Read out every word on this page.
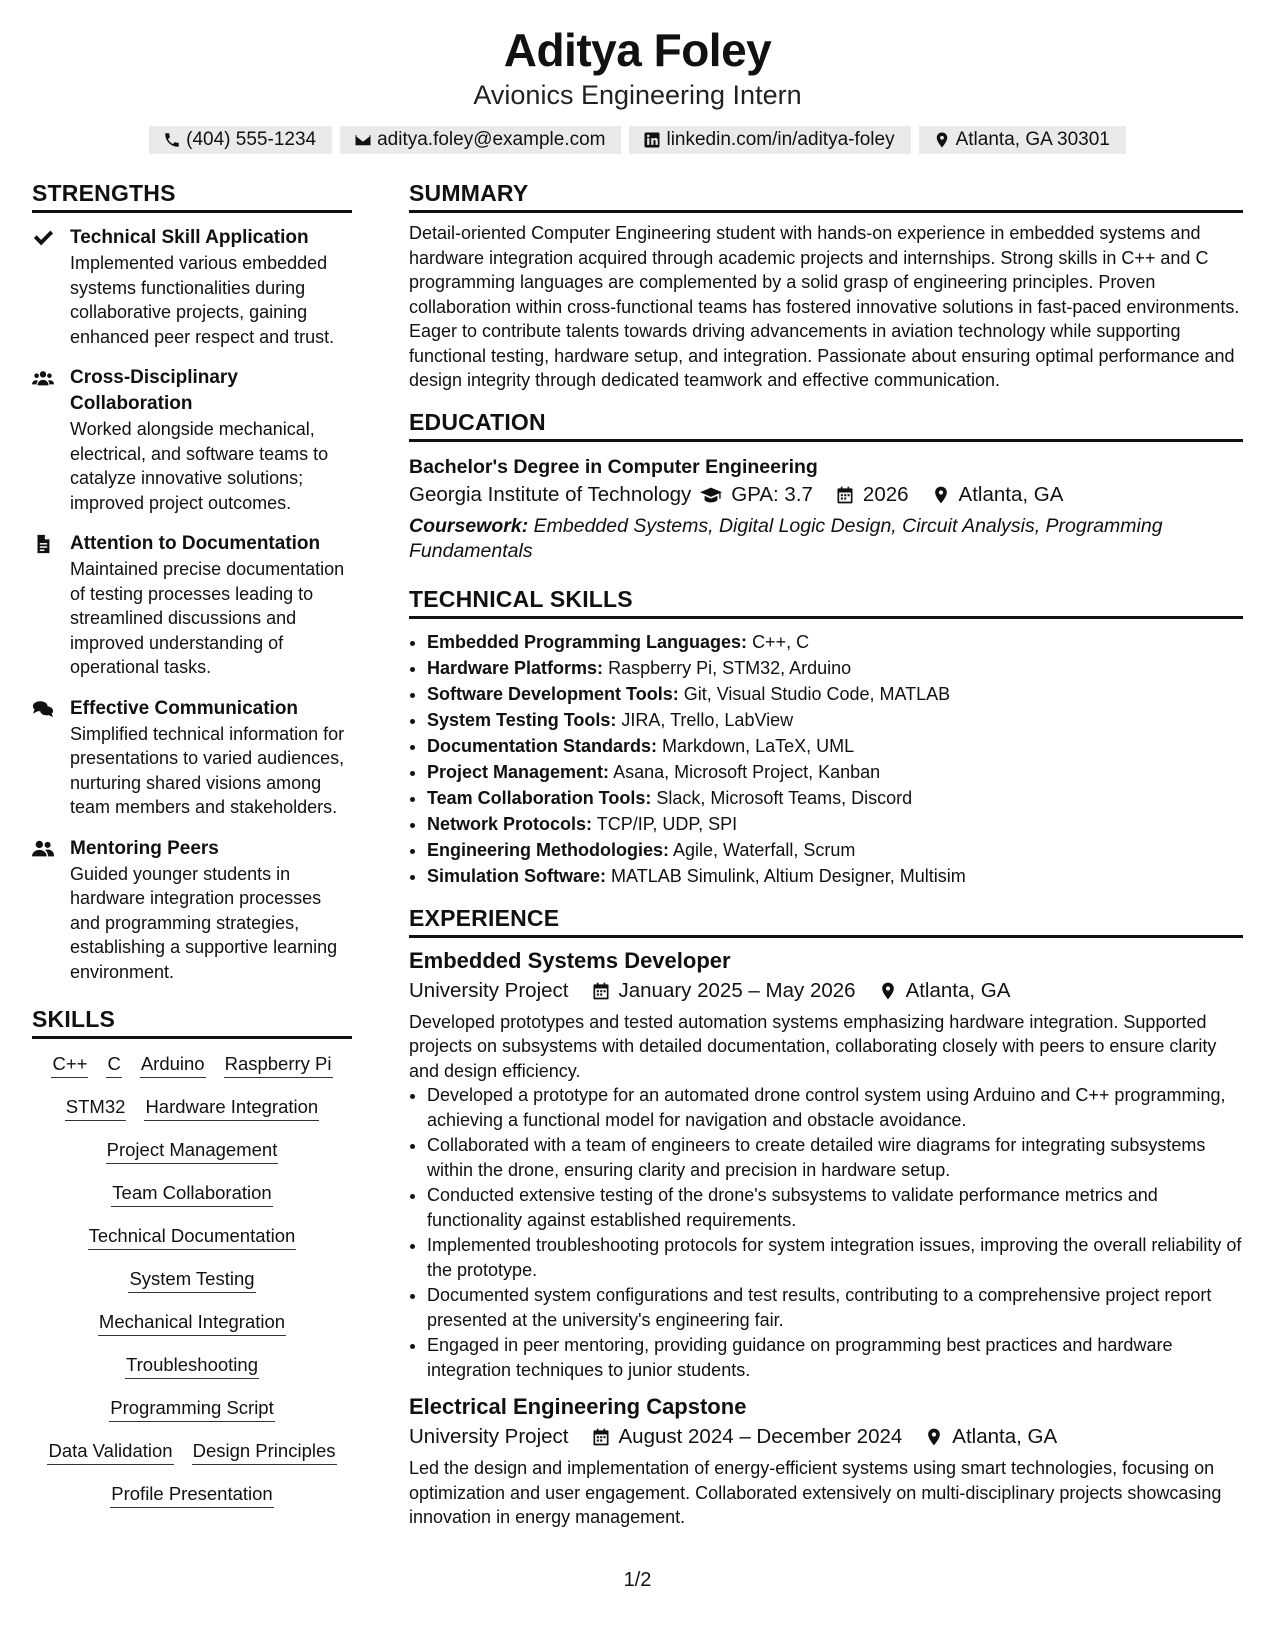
Aditya Foley
Avionics Engineering Intern
(404) 555-1234	aditya.foley@example.com	linkedin.com/in/aditya-foley	Atlanta, GA 30301
STRENGTHS
Technical Skill Application
Implemented various embedded systems functionalities during collaborative projects, gaining enhanced peer respect and trust.
Cross-Disciplinary Collaboration
Worked alongside mechanical, electrical, and software teams to catalyze innovative solutions; improved project outcomes.
Attention to Documentation
Maintained precise documentation of testing processes leading to streamlined discussions and improved understanding of operational tasks.
Effective Communication
Simplified technical information for presentations to varied audiences, nurturing shared visions among team members and stakeholders.
Mentoring Peers
Guided younger students in hardware integration processes and programming strategies, establishing a supportive learning environment.
SKILLS
C++ C Arduino Raspberry Pi
STM32 Hardware Integration
Project Management
Team Collaboration
Technical Documentation
System Testing
Mechanical Integration
Troubleshooting
Programming Script
Data Validation Design Principles
Profile Presentation
SUMMARY

Detail-oriented Computer Engineering student with hands-on experience in embedded systems and hardware integration acquired through academic projects and internships. Strong skills in C++ and C programming languages are complemented by a solid grasp of engineering principles. Proven collaboration within cross-functional teams has fostered innovative solutions in fast-paced environments. Eager to contribute talents towards driving advancements in aviation technology while supporting functional testing, hardware setup, and integration. Passionate about ensuring optimal performance and design integrity through dedicated teamwork and effective communication.

EDUCATION
Bachelor's Degree in Computer Engineering
Georgia Institute of Technology GPA: 3.7 2026 Atlanta, GA
Coursework: Embedded Systems, Digital Logic Design, Circuit Analysis, Programming Fundamentals
TECHNICAL SKILLS
• Embedded Programming Languages: C++, C
• Hardware Platforms: Raspberry Pi, STM32, Arduino
• Software Development Tools: Git, Visual Studio Code, MATLAB
• System Testing Tools: JIRA, Trello, LabView
• Documentation Standards: Markdown, LaTeX, UML
• Project Management: Asana, Microsoft Project, Kanban
• Team Collaboration Tools: Slack, Microsoft Teams, Discord
• Network Protocols: TCP/IP, UDP, SPI
• Engineering Methodologies: Agile, Waterfall, Scrum
• Simulation Software: MATLAB Simulink, Altium Designer, Multisim
EXPERIENCE
Embedded Systems Developer
University Project January 2025 – May 2026 Atlanta, GA

Developed prototypes and tested automation systems emphasizing hardware integration. Supported projects on subsystems with detailed documentation, collaborating closely with peers to ensure clarity and design efficiency.

• Developed a prototype for an automated drone control system using Arduino and C++ programming, achieving a functional model for navigation and obstacle avoidance.
• Collaborated with a team of engineers to create detailed wire diagrams for integrating subsystems within the drone, ensuring clarity and precision in hardware setup.
• Conducted extensive testing of the drone's subsystems to validate performance metrics and functionality against established requirements.
• Implemented troubleshooting protocols for system integration issues, improving the overall reliability of the prototype.
• Documented system configurations and test results, contributing to a comprehensive project report presented at the university's engineering fair.
• Engaged in peer mentoring, providing guidance on programming best practices and hardware integration techniques to junior students.
Electrical Engineering Capstone
University Project August 2024 – December 2024 Atlanta, GA

Led the design and implementation of energy-efficient systems using smart technologies, focusing on optimization and user engagement. Collaborated extensively on multi-disciplinary projects showcasing innovation in energy management.

1/2
